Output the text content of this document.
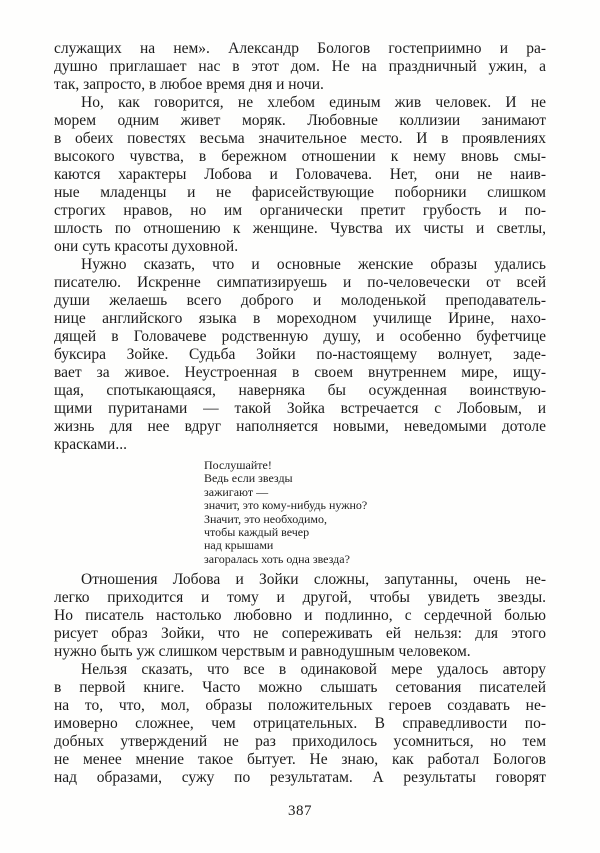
служащих на нем». Александр Бологов гостеприимно и ра-
душно приглашает нас в этот дом. Не на праздничный ужин, а
так, запросто, в любое время дня и ночи.
Но, как говорится, не хлебом единым жив человек. И не
морем одним живет моряк. Любовные коллизии занимают
в обеих повестях весьма значительное место. И в проявлениях
высокого чувства, в бережном отношении к нему вновь смы-
каются характеры Лобова и Головачева. Нет, они не наив-
ные младенцы и не фарисействующие поборники слишком
строгих нравов, но им органически претит грубость и по-
шлость по отношению к женщине. Чувства их чисты и светлы,
они суть красоты духовной.
Нужно сказать, что и основные женские образы удались
писателю. Искренне симпатизируешь и по-человечески от всей
души желаешь всего доброго и молоденькой преподаватель-
нице английского языка в мореходном училище Ирине, нахо-
дящей в Головачеве родственную душу, и особенно буфетчице
буксира Зойке. Судьба Зойки по-настоящему волнует, заде-
вает за живое. Неустроенная в своем внутреннем мире, ищу-
щая, спотыкающаяся, наверняка бы осужденная воинствую-
щими пуританами — такой Зойка встречается с Лобовым, и
жизнь для нее вдруг наполняется новыми, неведомыми дотоле
красками...
Послушайте!
Ведь если звезды
зажигают —
значит, это кому-нибудь нужно?
Значит, это необходимо,
чтобы каждый вечер
над крышами
загоралась хоть одна звезда?
Отношения Лобова и Зойки сложны, запутанны, очень не-
легко приходится и тому и другой, чтобы увидеть звезды.
Но писатель настолько любовно и подлинно, с сердечной болью
рисует образ Зойки, что не сопереживать ей нельзя: для этого
нужно быть уж слишком черствым и равнодушным человеком.
Нельзя сказать, что все в одинаковой мере удалось автору
в первой книге. Часто можно слышать сетования писателей
на то, что, мол, образы положительных героев создавать не-
имоверно сложнее, чем отрицательных. В справедливости по-
добных утверждений не раз приходилось усомниться, но тем
не менее мнение такое бытует. Не знаю, как работал Бологов
над образами, сужу по результатам. А результаты говорят
387
